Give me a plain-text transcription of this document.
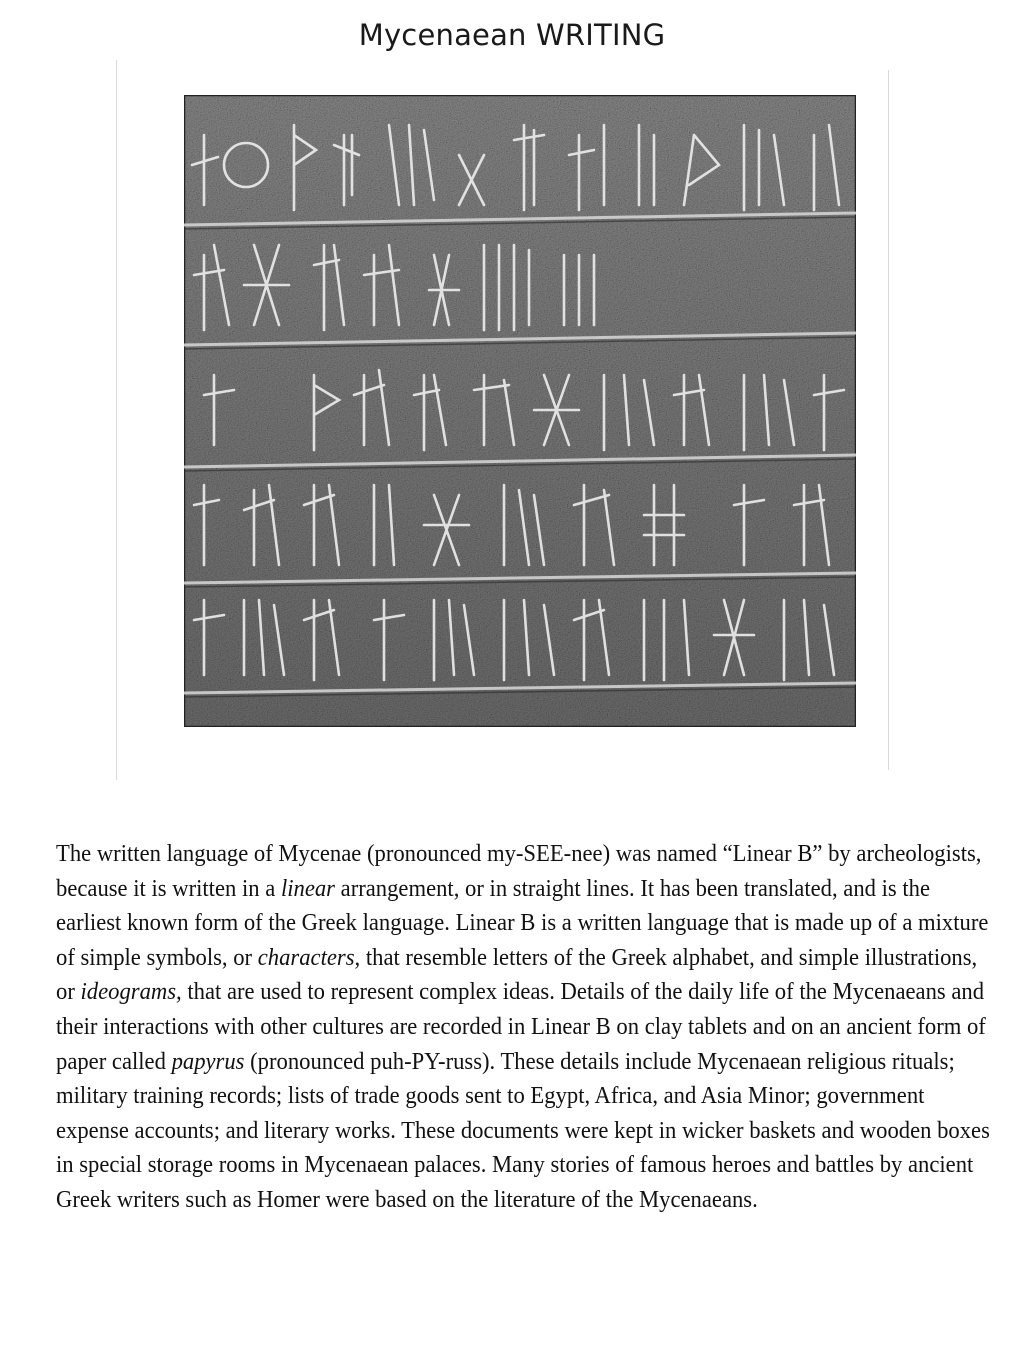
Mycenaean WRITING

The written language of Mycenae (pronounced my-SEE-nee) was named “Linear B” by archeologists, because it is written in a linear arrangement, or in straight lines. It has been translated, and is the earliest known form of the Greek language. Linear B is a written language that is made up of a mixture of simple symbols, or characters, that resemble letters of the Greek alphabet, and simple illustrations, or ideograms, that are used to represent complex ideas. Details of the daily life of the Mycenaeans and their interactions with other cultures are recorded in Linear B on clay tablets and on an ancient form of paper called papyrus (pronounced puh-PY-russ). These details include Mycenaean religious rituals; military training records; lists of trade goods sent to Egypt, Africa, and Asia Minor; government expense accounts; and literary works. These documents were kept in wicker baskets and wooden boxes in special storage rooms in Mycenaean palaces. Many stories of famous heroes and battles by ancient Greek writers such as Homer were based on the literature of the Mycenaeans.
